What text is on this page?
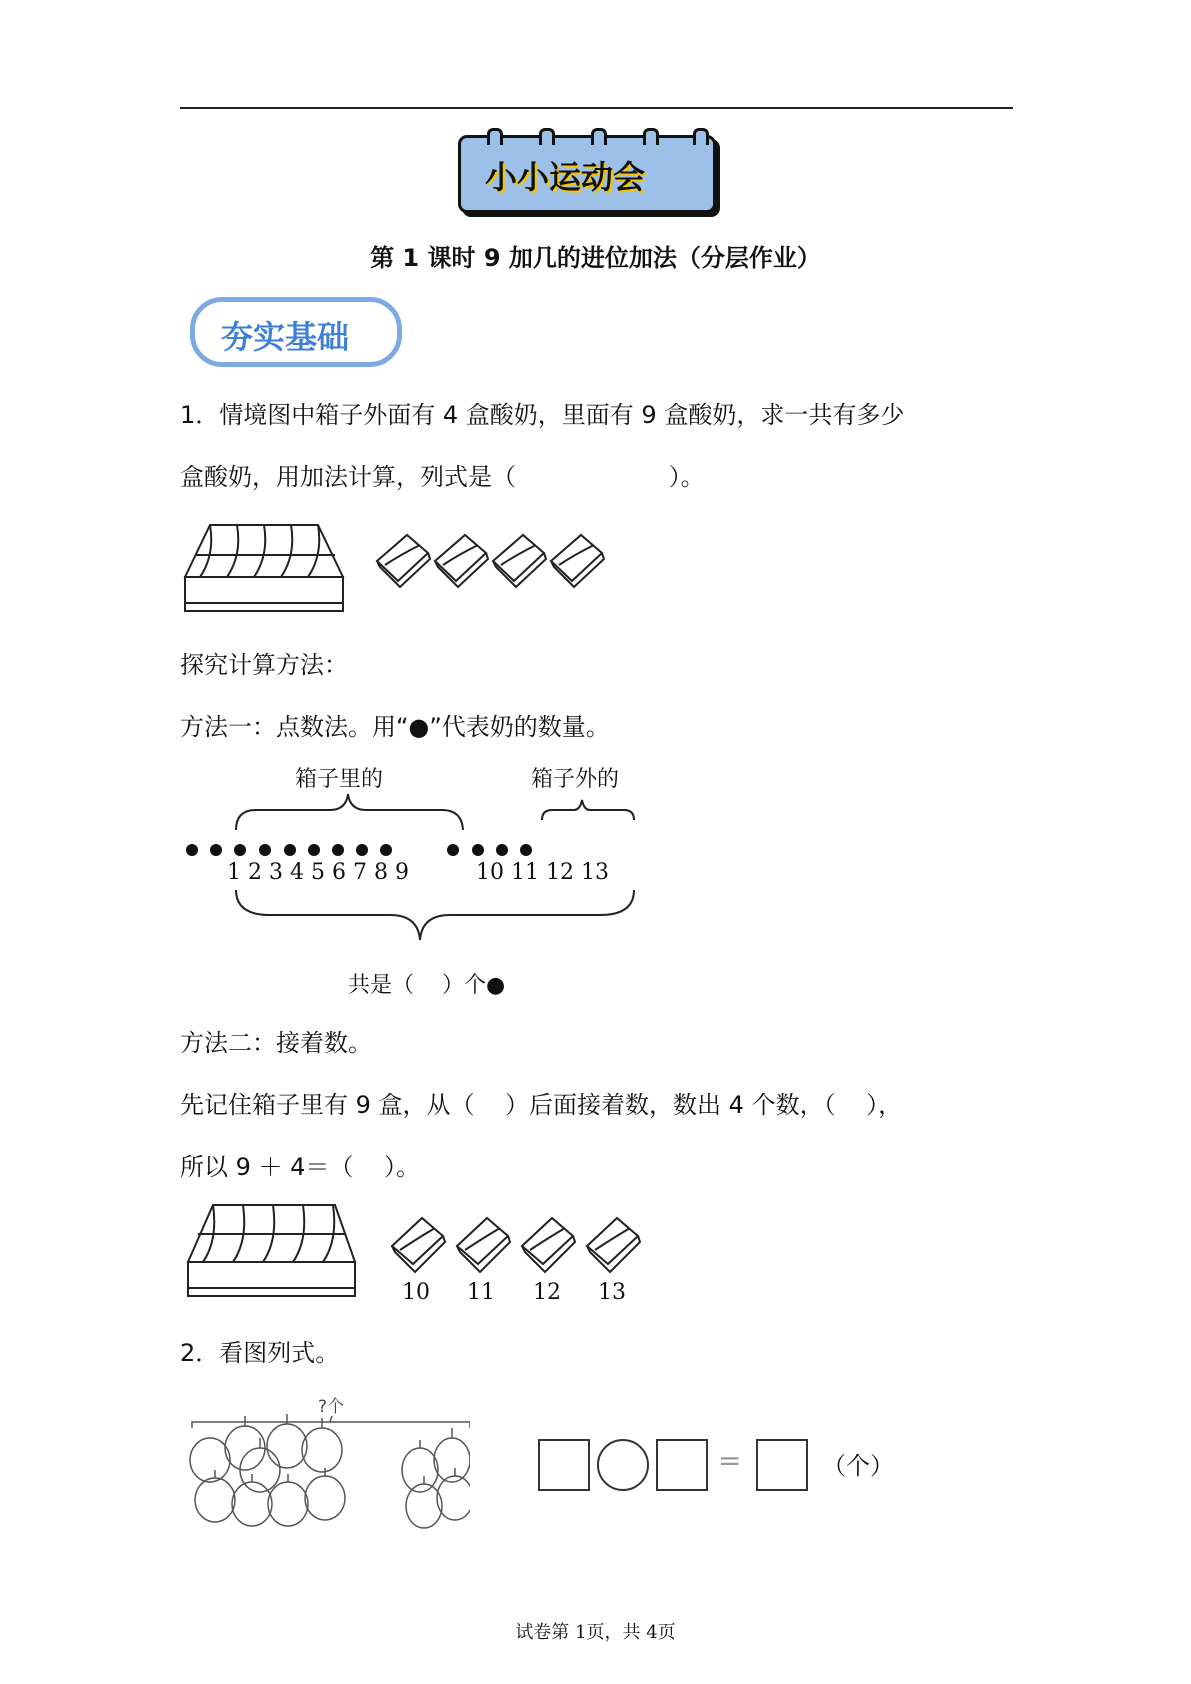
小小运动会
第 1 课时 9 加几的进位加法（分层作业）
夯实基础
1．情境图中箱子外面有 4 盒酸奶，里面有 9 盒酸奶，求一共有多少
盒酸奶，用加法计算，列式是（                    ）。
探究计算方法：
方法一：点数法。用“●”代表奶的数量。
箱子里的	箱子外的
1 2 3 4 5 6 7 8 9	10 11 12 13
共是（    ）个●
方法二：接着数。
先记住箱子里有 9 盒，从（    ）后面接着数，数出 4 个数，（    ），
所以 9 ＋ 4＝（    ）。
10 11 12 13
2．看图列式。
?个
=	（个）
试卷第 1页，共 4页
